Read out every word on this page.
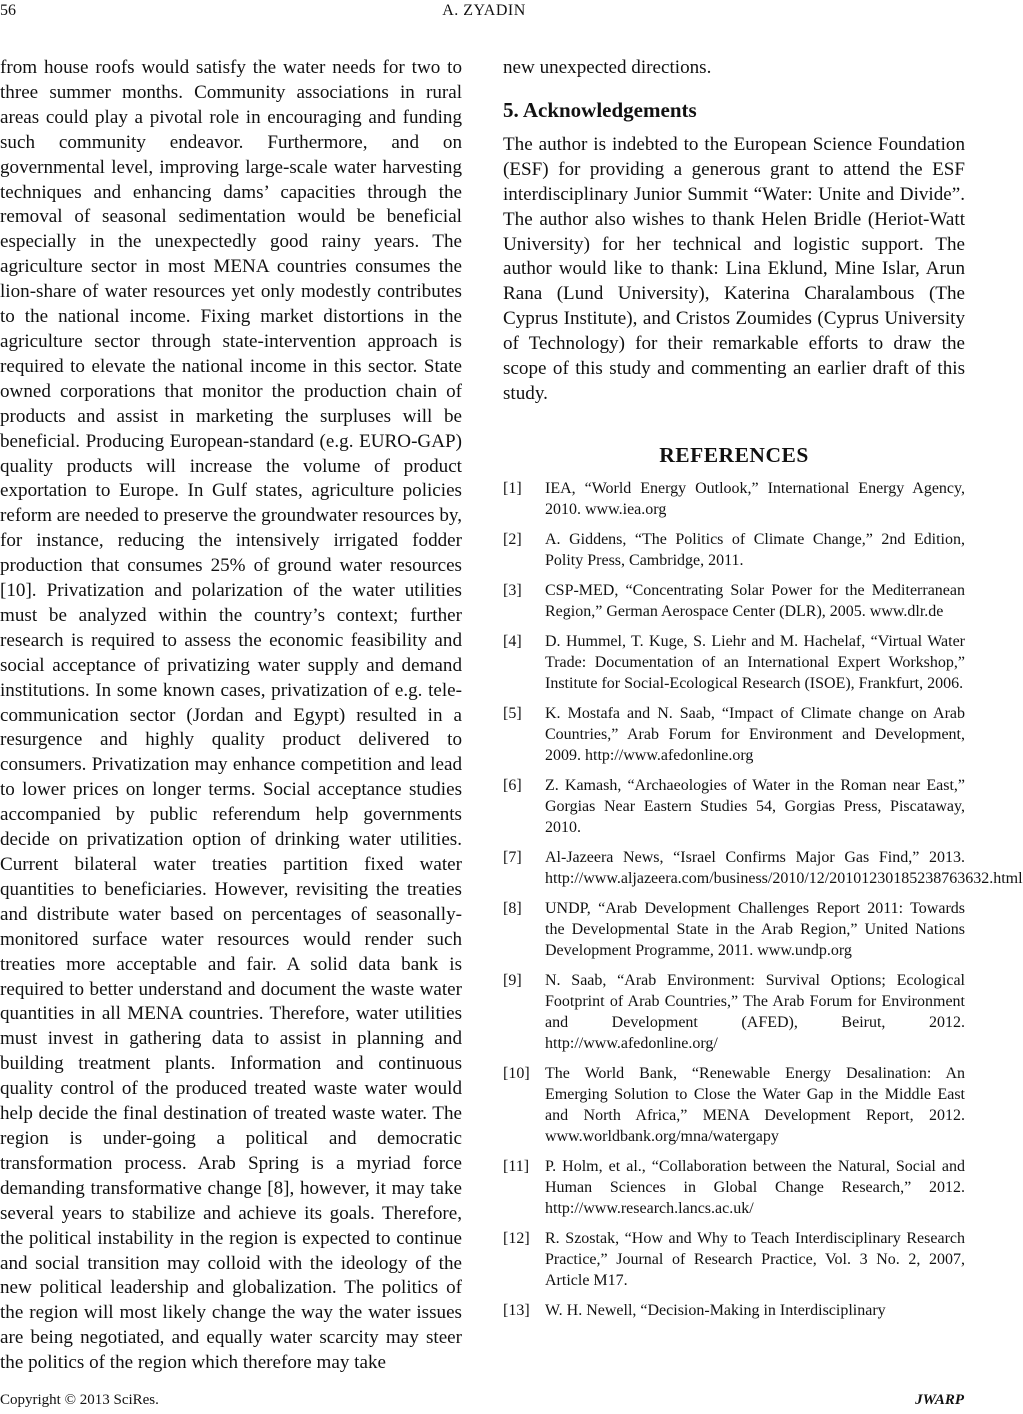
56	A. ZYADIN

from house roofs would satisfy the water needs for two to three summer months. Community associations in rural areas could play a pivotal role in encouraging and funding such community endeavor. Furthermore, and on governmental level, improving large-scale water harvesting techniques and enhancing dams’ capacities through the removal of seasonal sedimentation would be beneficial especially in the unexpectedly good rainy years. The agriculture sector in most MENA countries consumes the lion-share of water resources yet only modestly contributes to the national income. Fixing market distortions in the agriculture sector through state-intervention approach is required to elevate the national income in this sector. State owned corporations that monitor the production chain of products and assist in marketing the surpluses will be beneficial. Producing European-standard (e.g. EURO-GAP) quality products will increase the volume of product exportation to Europe. In Gulf states, agriculture policies reform are needed to preserve the groundwater resources by, for instance, reducing the intensively irrigated fodder production that consumes 25% of ground water resources [10]. Privatization and polarization of the water utilities must be analyzed within the country’s context; further research is required to assess the economic feasibility and social acceptance of privatizing water supply and demand institutions. In some known cases, privatization of e.g. tele-communication sector (Jordan and Egypt) resulted in a resurgence and highly quality product delivered to consumers. Privatization may enhance competition and lead to lower prices on longer terms. Social acceptance studies accompanied by public referendum help governments decide on privatization option of drinking water utilities. Current bilateral water treaties partition fixed water quantities to beneficiaries. However, revisiting the treaties and distribute water based on percentages of seasonally-monitored surface water resources would render such treaties more acceptable and fair. A solid data bank is required to better understand and document the waste water quantities in all MENA countries. Therefore, water utilities must invest in gathering data to assist in planning and building treatment plants. Information and continuous quality control of the produced treated waste water would help decide the final destination of treated waste water. The region is under-going a political and democratic transformation process. Arab Spring is a myriad force demanding transformative change [8], however, it may take several years to stabilize and achieve its goals. Therefore, the political instability in the region is expected to continue and social transition may colloid with the ideology of the new political leadership and globalization. The politics of the region will most likely change the way the water issues are being negotiated, and equally water scarcity may steer the politics of the region which therefore may take

new unexpected directions.

5. Acknowledgements

The author is indebted to the European Science Foundation (ESF) for providing a generous grant to attend the ESF interdisciplinary Junior Summit “Water: Unite and Divide”. The author also wishes to thank Helen Bridle (Heriot-Watt University) for her technical and logistic support. The author would like to thank: Lina Eklund, Mine Islar, Arun Rana (Lund University), Katerina Charalambous (The Cyprus Institute), and Cristos Zoumides (Cyprus University of Technology) for their remarkable efforts to draw the scope of this study and commenting an earlier draft of this study.

REFERENCES
[1] IEA, “World Energy Outlook,” International Energy Agency, 2010. www.iea.org
[2] A. Giddens, “The Politics of Climate Change,” 2nd Edition, Polity Press, Cambridge, 2011.
[3] CSP-MED, “Concentrating Solar Power for the Mediterranean Region,” German Aerospace Center (DLR), 2005. www.dlr.de
[4] D. Hummel, T. Kuge, S. Liehr and M. Hachelaf, “Virtual Water Trade: Documentation of an International Expert Workshop,” Institute for Social-Ecological Research (ISOE), Frankfurt, 2006.
[5] K. Mostafa and N. Saab, “Impact of Climate change on Arab Countries,” Arab Forum for Environment and Development, 2009. http://www.afedonline.org
[6] Z. Kamash, “Archaeologies of Water in the Roman near East,” Gorgias Near Eastern Studies 54, Gorgias Press, Piscataway, 2010.
[7] Al-Jazeera News, “Israel Confirms Major Gas Find,” 2013. http://www.aljazeera.com/business/2010/12/20101230185238763632.html
[8] UNDP, “Arab Development Challenges Report 2011: Towards the Developmental State in the Arab Region,” United Nations Development Programme, 2011. www.undp.org
[9] N. Saab, “Arab Environment: Survival Options; Ecological Footprint of Arab Countries,” The Arab Forum for Environment and Development (AFED), Beirut, 2012. http://www.afedonline.org/
[10] The World Bank, “Renewable Energy Desalination: An Emerging Solution to Close the Water Gap in the Middle East and North Africa,” MENA Development Report, 2012. www.worldbank.org/mna/watergapy
[11] P. Holm, et al., “Collaboration between the Natural, Social and Human Sciences in Global Change Research,” 2012. http://www.research.lancs.ac.uk/
[12] R. Szostak, “How and Why to Teach Interdisciplinary Research Practice,” Journal of Research Practice, Vol. 3 No. 2, 2007, Article M17.
[13] W. H. Newell, “Decision-Making in Interdisciplinary
Copyright © 2013 SciRes.	JWARP
